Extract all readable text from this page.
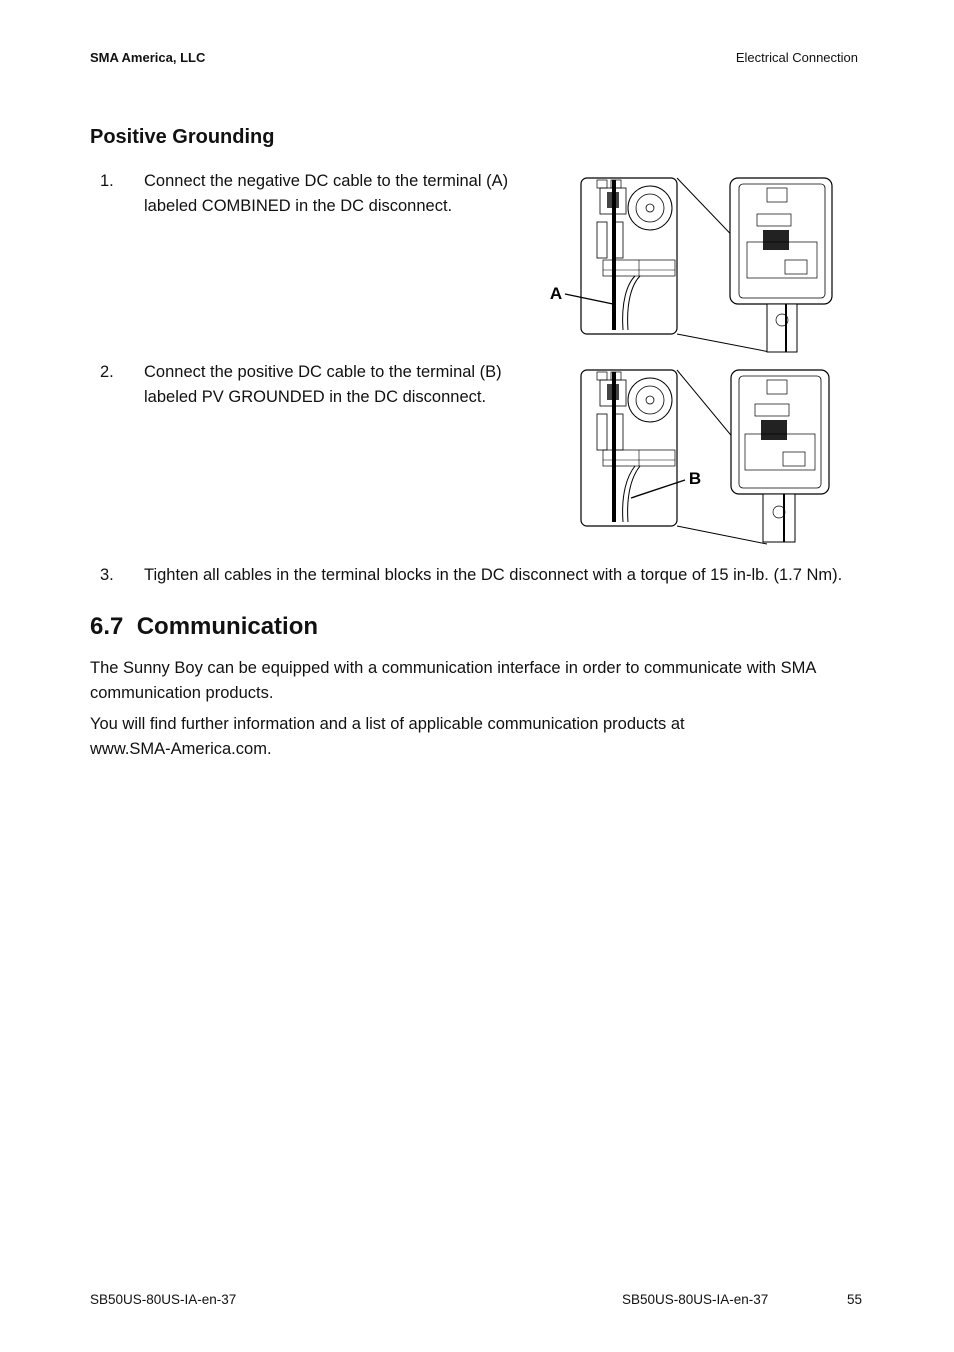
SMA America, LLC	Electrical Connection
Positive Grounding
1. Connect the negative DC cable to the terminal (A)
labeled COMBINED in the DC disconnect.
2. Connect the positive DC cable to the terminal (B)
labeled PV GROUNDED in the DC disconnect.
A
B
3. Tighten all cables in the terminal blocks in the DC disconnect with a torque of 15 in-lb. (1.7 Nm).
6.7  Communication
The Sunny Boy can be equipped with a communication interface in order to communicate with SMA
communication products.
You will find further information and a list of applicable communication products at
www.SMA-America.com.
SB50US-80US-IA-en-37	SB50US-80US-IA-en-37	55
